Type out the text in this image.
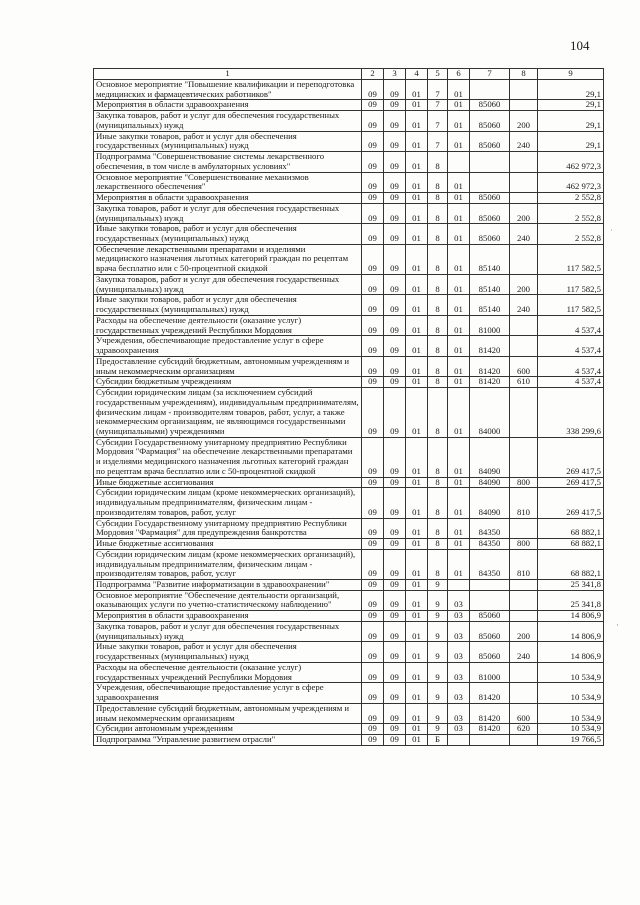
104
1	2	3	4	5	6	7	8	9
Основное мероприятие "Повышение квалификации и переподготовка медицинских и фармацевтических работников"	09	09	01	7	01			29,1
Мероприятия в области здравоохранения	09	09	01	7	01	85060		29,1
Закупка товаров, работ и услуг для обеспечения государственных (муниципальных) нужд	09	09	01	7	01	85060	200	29,1
Иные закупки товаров, работ и услуг для обеспечения государственных (муниципальных) нужд	09	09	01	7	01	85060	240	29,1
Подпрограмма "Совершенствование системы лекарственного обеспечения, в том числе в амбулаторных условиях"	09	09	01	8				462 972,3
Основное мероприятие "Совершенствование механизмов лекарственного обеспечения"	09	09	01	8	01			462 972,3
Мероприятия в области здравоохранения	09	09	01	8	01	85060		2 552,8
Закупка товаров, работ и услуг для обеспечения государственных (муниципальных) нужд	09	09	01	8	01	85060	200	2 552,8
Иные закупки товаров, работ и услуг для обеспечения государственных (муниципальных) нужд	09	09	01	8	01	85060	240	2 552,8
Обеспечение лекарственными препаратами и изделиями медицинского назначения льготных категорий граждан по рецептам врача бесплатно или с 50-процентной скидкой	09	09	01	8	01	85140		117 582,5
Закупка товаров, работ и услуг для обеспечения государственных (муниципальных) нужд	09	09	01	8	01	85140	200	117 582,5
Иные закупки товаров, работ и услуг для обеспечения государственных (муниципальных) нужд	09	09	01	8	01	85140	240	117 582,5
Расходы на обеспечение деятельности (оказание услуг) государственных учреждений Республики Мордовия	09	09	01	8	01	81000		4 537,4
Учреждения, обеспечивающие предоставление услуг в сфере здравоохранения	09	09	01	8	01	81420		4 537,4
Предоставление субсидий бюджетным, автономным учреждениям и иным некоммерческим организациям	09	09	01	8	01	81420	600	4 537,4
Субсидии бюджетным учреждениям	09	09	01	8	01	81420	610	4 537,4
Субсидии юридическим лицам (за исключением субсидий государственным учреждениям), индивидуальным предпринимателям, физическим лицам - производителям товаров, работ, услуг, а также некоммерческим организациям, не являющимся государственными (муниципальными) учреждениями	09	09	01	8	01	84000		338 299,6
Субсидии Государственному унитарному предприятию Республики Мордовия "Фармация" на обеспечение лекарственными препаратами и изделиями медицинского назначения льготных категорий граждан по рецептам врача бесплатно или с 50-процентной скидкой	09	09	01	8	01	84090		269 417,5
Иные бюджетные ассигнования	09	09	01	8	01	84090	800	269 417,5
Субсидии юридическим лицам (кроме некоммерческих организаций), индивидуальным предпринимателям, физическим лицам - производителям товаров, работ, услуг	09	09	01	8	01	84090	810	269 417,5
Субсидии Государственному унитарному предприятию Республики Мордовия "Фармация" для предупреждения банкротства	09	09	01	8	01	84350		68 882,1
Иные бюджетные ассигнования	09	09	01	8	01	84350	800	68 882,1
Субсидии юридическим лицам (кроме некоммерческих организаций), индивидуальным предпринимателям, физическим лицам - производителям товаров, работ, услуг	09	09	01	8	01	84350	810	68 882,1
Подпрограмма "Развитие информатизации в здравоохранении"	09	09	01	9				25 341,8
Основное мероприятие "Обеспечение деятельности организаций, оказывающих услуги по учетно-статистическому наблюдению"	09	09	01	9	03			25 341,8
Мероприятия в области здравоохранения	09	09	01	9	03	85060		14 806,9
Закупка товаров, работ и услуг для обеспечения государственных (муниципальных) нужд	09	09	01	9	03	85060	200	14 806,9
Иные закупки товаров, работ и услуг для обеспечения государственных (муниципальных) нужд	09	09	01	9	03	85060	240	14 806,9
Расходы на обеспечение деятельности (оказание услуг) государственных учреждений Республики Мордовия	09	09	01	9	03	81000		10 534,9
Учреждения, обеспечивающие предоставление услуг в сфере здравоохранения	09	09	01	9	03	81420		10 534,9
Предоставление субсидий бюджетным, автономным учреждениям и иным некоммерческим организациям	09	09	01	9	03	81420	600	10 534,9
Субсидии автономным учреждениям	09	09	01	9	03	81420	620	10 534,9
Подпрограмма "Управление развитием отрасли"	09	09	01	Б				19 766,5
˙
·
